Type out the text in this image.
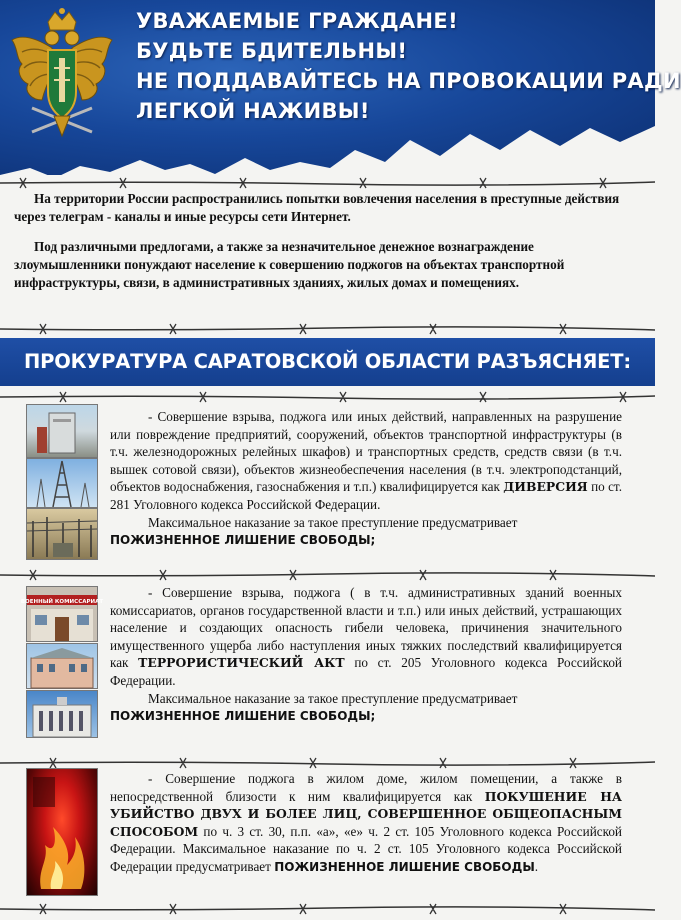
УВАЖАЕМЫЕ ГРАЖДАНЕ!
БУДЬТЕ БДИТЕЛЬНЫ!
НЕ ПОДДАВАЙТЕСЬ НА ПРОВОКАЦИИ РАДИ
ЛЕГКОЙ НАЖИВЫ!

На территории России распространились попытки вовлечения населения в преступные действия через телеграм - каналы и иные ресурсы сети Интернет.

Под различными предлогами, а также за незначительное денежное вознаграждение злоумышленники понуждают население к совершению поджогов на объектах транспортной инфраструктуры, связи, в административных зданиях, жилых домах и помещениях.

ПРОКУРАТУРА САРАТОВСКОЙ ОБЛАСТИ РАЗЪЯСНЯЕТ:

- Совершение взрыва, поджога или иных действий, направленных на разрушение или повреждение предприятий, сооружений, объектов транспортной инфраструктуры (в т.ч. железнодорожных релейных шкафов) и транспортных средств, средств связи (в т.ч. вышек сотовой связи), объектов жизнеобеспечения населения (в т.ч. электроподстанций, объектов водоснабжения, газоснабжения и т.п.) квалифицируется как ДИВЕРСИЯ по ст. 281 Уголовного кодекса Российской Федерации.

Максимальное наказание за такое преступление предусматривает

ПОЖИЗНЕННОЕ ЛИШЕНИЕ СВОБОДЫ;

ВОЕННЫЙ КОМИССАРИАТ

- Совершение взрыва, поджога ( в т.ч. административных зданий военных комиссариатов, органов государственной власти и т.п.) или иных действий, устрашающих население и создающих опасность гибели человека, причинения значительного имущественного ущерба либо наступления иных тяжких последствий квалифицируется как ТЕРРОРИСТИЧЕСКИЙ АКТ по ст. 205 Уголовного кодекса Российской Федерации.

Максимальное наказание за такое преступление предусматривает

ПОЖИЗНЕННОЕ ЛИШЕНИЕ СВОБОДЫ;

- Совершение поджога в жилом доме, жилом помещении, а также в непосредственной близости к ним квалифицируется как ПОКУШЕНИЕ НА УБИЙСТВО ДВУХ И БОЛЕЕ ЛИЦ, СОВЕРШЕННОЕ ОБЩЕОПАСНЫМ СПОСОБОМ по ч. 3 ст. 30, п.п. «а», «е» ч. 2 ст. 105 Уголовного кодекса Российской Федерации. Максимальное наказание по ч. 2 ст. 105 Уголовного кодекса Российской Федерации предусматривает ПОЖИЗНЕННОЕ ЛИШЕНИЕ СВОБОДЫ.
